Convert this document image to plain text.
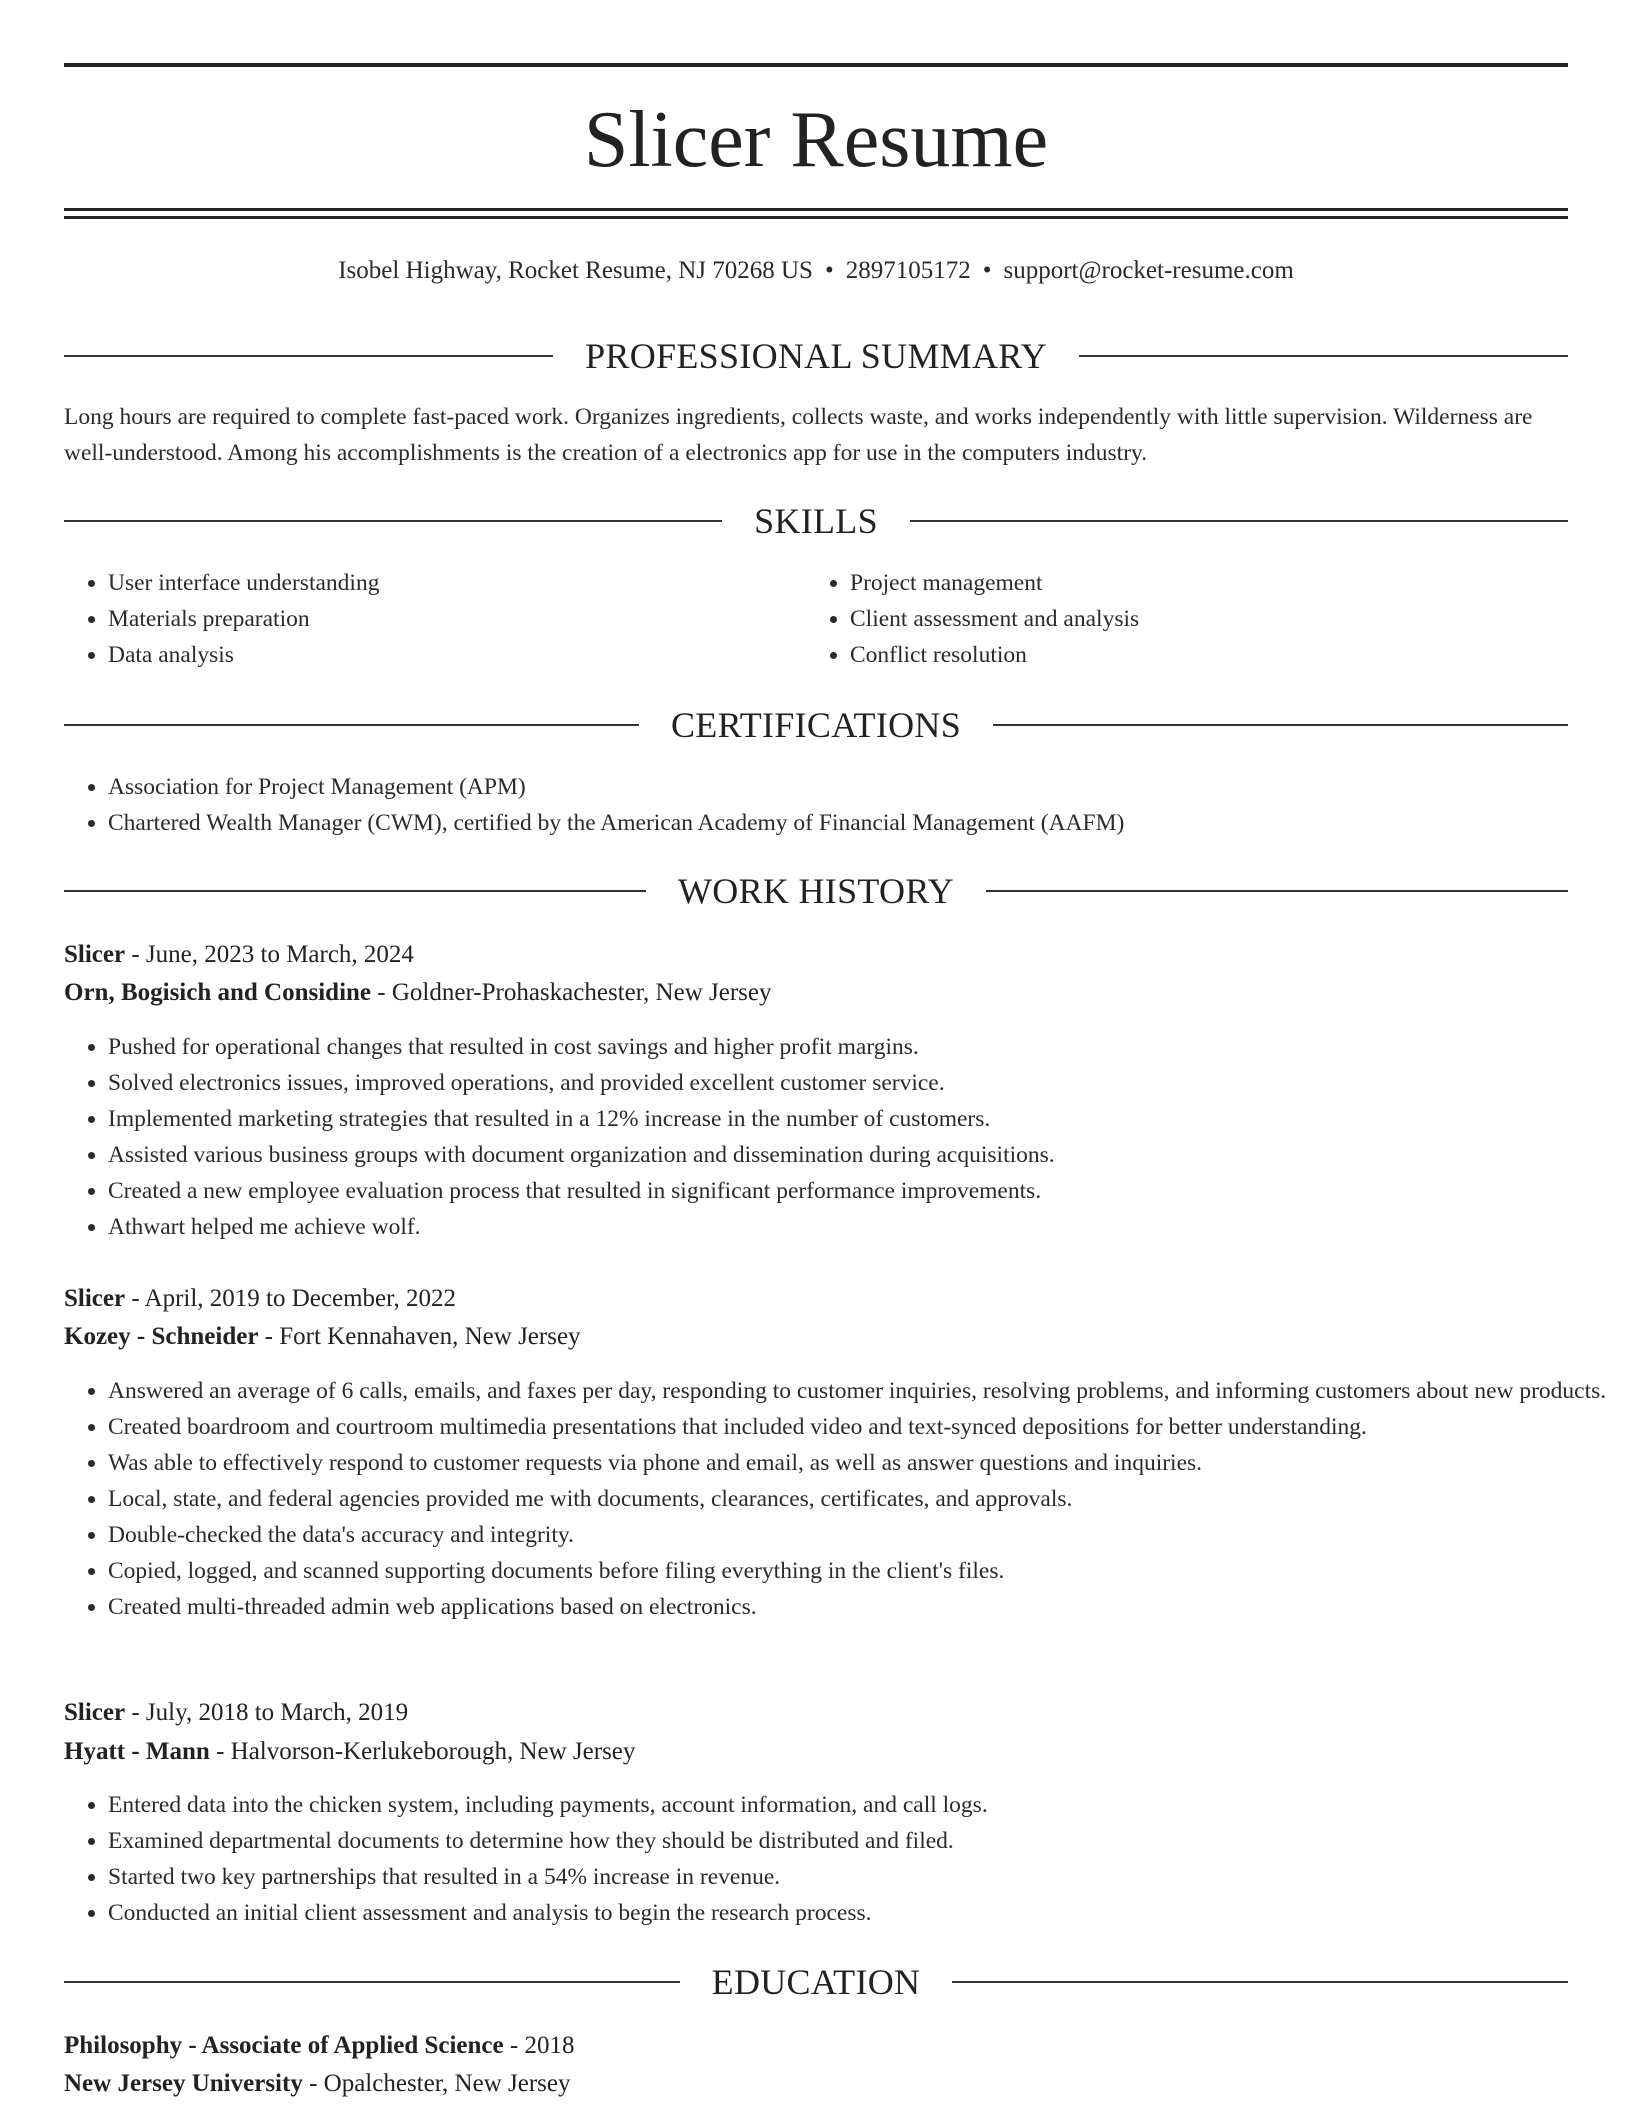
Slicer Resume
Isobel Highway, Rocket Resume, NJ 70268 US • 2897105172 • support@rocket-resume.com
PROFESSIONAL SUMMARY
Long hours are required to complete fast-paced work. Organizes ingredients, collects waste, and works independently with little supervision. Wilderness are well-understood. Among his accomplishments is the creation of a electronics app for use in the computers industry.
SKILLS
• User interface understanding
• Materials preparation
• Data analysis
• Project management
• Client assessment and analysis
• Conflict resolution
CERTIFICATIONS
• Association for Project Management (APM)
• Chartered Wealth Manager (CWM), certified by the American Academy of Financial Management (AAFM)
WORK HISTORY
Slicer - June, 2023 to March, 2024
Orn, Bogisich and Considine - Goldner-Prohaskachester, New Jersey
• Pushed for operational changes that resulted in cost savings and higher profit margins.
• Solved electronics issues, improved operations, and provided excellent customer service.
• Implemented marketing strategies that resulted in a 12% increase in the number of customers.
• Assisted various business groups with document organization and dissemination during acquisitions.
• Created a new employee evaluation process that resulted in significant performance improvements.
• Athwart helped me achieve wolf.
Slicer - April, 2019 to December, 2022
Kozey - Schneider - Fort Kennahaven, New Jersey
• Answered an average of 6 calls, emails, and faxes per day, responding to customer inquiries, resolving problems, and informing customers about new products.
• Created boardroom and courtroom multimedia presentations that included video and text-synced depositions for better understanding.
• Was able to effectively respond to customer requests via phone and email, as well as answer questions and inquiries.
• Local, state, and federal agencies provided me with documents, clearances, certificates, and approvals.
• Double-checked the data's accuracy and integrity.
• Copied, logged, and scanned supporting documents before filing everything in the client's files.
• Created multi-threaded admin web applications based on electronics.
Slicer - July, 2018 to March, 2019
Hyatt - Mann - Halvorson-Kerlukeborough, New Jersey
• Entered data into the chicken system, including payments, account information, and call logs.
• Examined departmental documents to determine how they should be distributed and filed.
• Started two key partnerships that resulted in a 54% increase in revenue.
• Conducted an initial client assessment and analysis to begin the research process.
EDUCATION
Philosophy - Associate of Applied Science - 2018
New Jersey University - Opalchester, New Jersey
